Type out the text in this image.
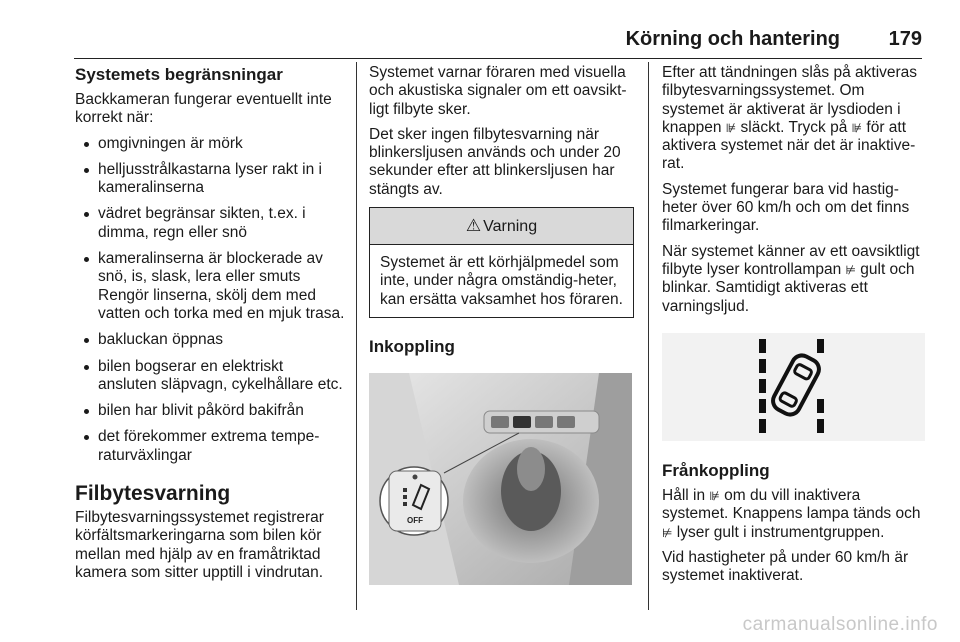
Körning och hantering 179
Systemets begränsningar

Backkameran fungerar eventuellt inte korrekt när:

omgivningen är mörk
helljusstrålkastarna lyser rakt in i kameralinserna
vädret begränsar sikten, t.ex. i dimma, regn eller snö
kameralinserna är blockerade av snö, is, slask, lera eller smuts Rengör linserna, skölj dem med vatten och torka med en mjuk trasa.
bakluckan öppnas
bilen bogserar en elektriskt ansluten släpvagn, cykelhållare etc.
bilen har blivit påkörd bakifrån
det förekommer extrema tempe-raturväxlingar
Filbytesvarning

Filbytesvarningssystemet registrerar körfältsmarkeringarna som bilen kör mellan med hjälp av en framåtriktad kamera som sitter upptill i vindrutan.

Systemet varnar föraren med visuella och akustiska signaler om ett oavsikt-ligt filbyte sker.

Det sker ingen filbytesvarning när blinkersljusen används och under 20 sekunder efter att blinkersljusen har stängts av.

⚠ Varning
Systemet är ett körhjälpmedel som inte, under några omständig-heter, kan ersätta vaksamhet hos föraren.
Inkoppling
OFF

Efter att tändningen slås på aktiveras filbytesvarningssystemet. Om systemet är aktiverat är lysdioden i knappen ⊯ släckt. Tryck på ⊯ för att aktivera systemet när det är inaktive-rat.

Systemet fungerar bara vid hastig-heter över 60 km/h och om det finns filmarkeringar.

När systemet känner av ett oavsiktligt filbyte lyser kontrollampan ⊭ gult och blinkar. Samtidigt aktiveras ett varningsljud.

Frånkoppling

Håll in ⊯ om du vill inaktivera systemet. Knappens lampa tänds och ⊭ lyser gult i instrumentgruppen.

Vid hastigheter på under 60 km/h är systemet inaktiverat.

carmanualsonline.info
